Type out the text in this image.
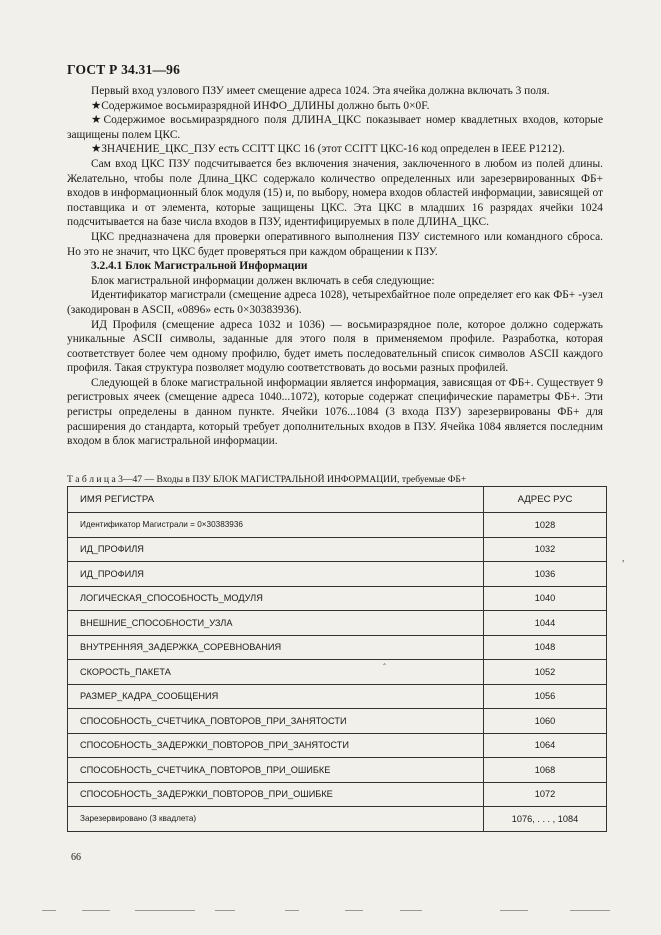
ГОСТ Р 34.31—96

Первый вход узлового ПЗУ имеет смещение адреса 1024. Эта ячейка должна включать 3 поля.

★Содержимое восьмиразрядной ИНФО_ДЛИНЫ должно быть 0×0F.

★Содержимое восьмиразрядного поля ДЛИНА_ЦКС показывает номер квадлетных входов, которые защищены полем ЦКС.

★ЗНАЧЕНИЕ_ЦКС_ПЗУ есть CCITT ЦКС 16 (этот CCITT ЦКС-16 код определен в IEEE P1212).

Сам вход ЦКС ПЗУ подсчитывается без включения значения, заключенного в любом из полей длины. Желательно, чтобы поле Длина_ЦКС содержало количество определенных или зарезервированных ФБ+ входов в информационный блок модуля (15) и, по выбору, номера входов областей информации, зависящей от поставщика и от элемента, которые защищены ЦКС. Эта ЦКС в младших 16 разрядах ячейки 1024 подсчитывается на базе числа входов в ПЗУ, идентифицируемых в поле ДЛИНА_ЦКС.

ЦКС предназначена для проверки оперативного выполнения ПЗУ системного или командного сброса. Но это не значит, что ЦКС будет проверяться при каждом обращении к ПЗУ.

3.2.4.1 Блок Магистральной Информации

Блок магистральной информации должен включать в себя следующие:

Идентификатор магистрали (смещение адреса 1028), четырехбайтное поле определяет его как ФБ+ -узел (закодирован в ASCII, «0896» есть 0×30383936).

ИД Профиля (смещение адреса 1032 и 1036) — восьмиразрядное поле, которое должно содержать уникальные ASCII символы, заданные для этого поля в применяемом профиле. Разработка, которая соответствует более чем одному профилю, будет иметь последовательный список символов ASCII каждого профиля. Такая структура позволяет модулю соответствовать до восьми разных профилей.

Следующей в блоке магистральной информации является информация, зависящая от ФБ+. Существует 9 регистровых ячеек (смещение адреса 1040...1072), которые содержат специфические параметры ФБ+. Эти регистры определены в данном пункте. Ячейки 1076...1084 (3 входа ПЗУ) зарезервированы ФБ+ для расширения до стандарта, который требует дополнительных входов в ПЗУ. Ячейка 1084 является последним входом в блок магистральной информации.

Т а б л и ц а 3—47 — Входы в ПЗУ БЛОК МАГИСТРАЛЬНОЙ ИНФОРМАЦИИ, требуемые ФБ+
ИМЯ РЕГИСТРА	АДРЕС РУС
Идентификатор Магистрали = 0×30383936	1028
ИД_ПРОФИЛЯ	1032
ИД_ПРОФИЛЯ	1036
ЛОГИЧЕСКАЯ_СПОСОБНОСТЬ_МОДУЛЯ	1040
ВНЕШНИЕ_СПОСОБНОСТИ_УЗЛА	1044
ВНУТРЕННЯЯ_ЗАДЕРЖКА_СОРЕВНОВАНИЯ	1048
СКОРОСТЬ_ПАКЕТА	1052
РАЗМЕР_КАДРА_СООБЩЕНИЯ	1056
СПОСОБНОСТЬ_СЧЕТЧИКА_ПОВТОРОВ_ПРИ_ЗАНЯТОСТИ	1060
СПОСОБНОСТЬ_ЗАДЕРЖКИ_ПОВТОРОВ_ПРИ_ЗАНЯТОСТИ	1064
СПОСОБНОСТЬ_СЧЕТЧИКА_ПОВТОРОВ_ПРИ_ОШИБКЕ	1068
СПОСОБНОСТЬ_ЗАДЕРЖКИ_ПОВТОРОВ_ПРИ_ОШИБКЕ	1072
Зарезервировано (3 квадлета)	1076, . . . , 1084
66
,
ˆ
